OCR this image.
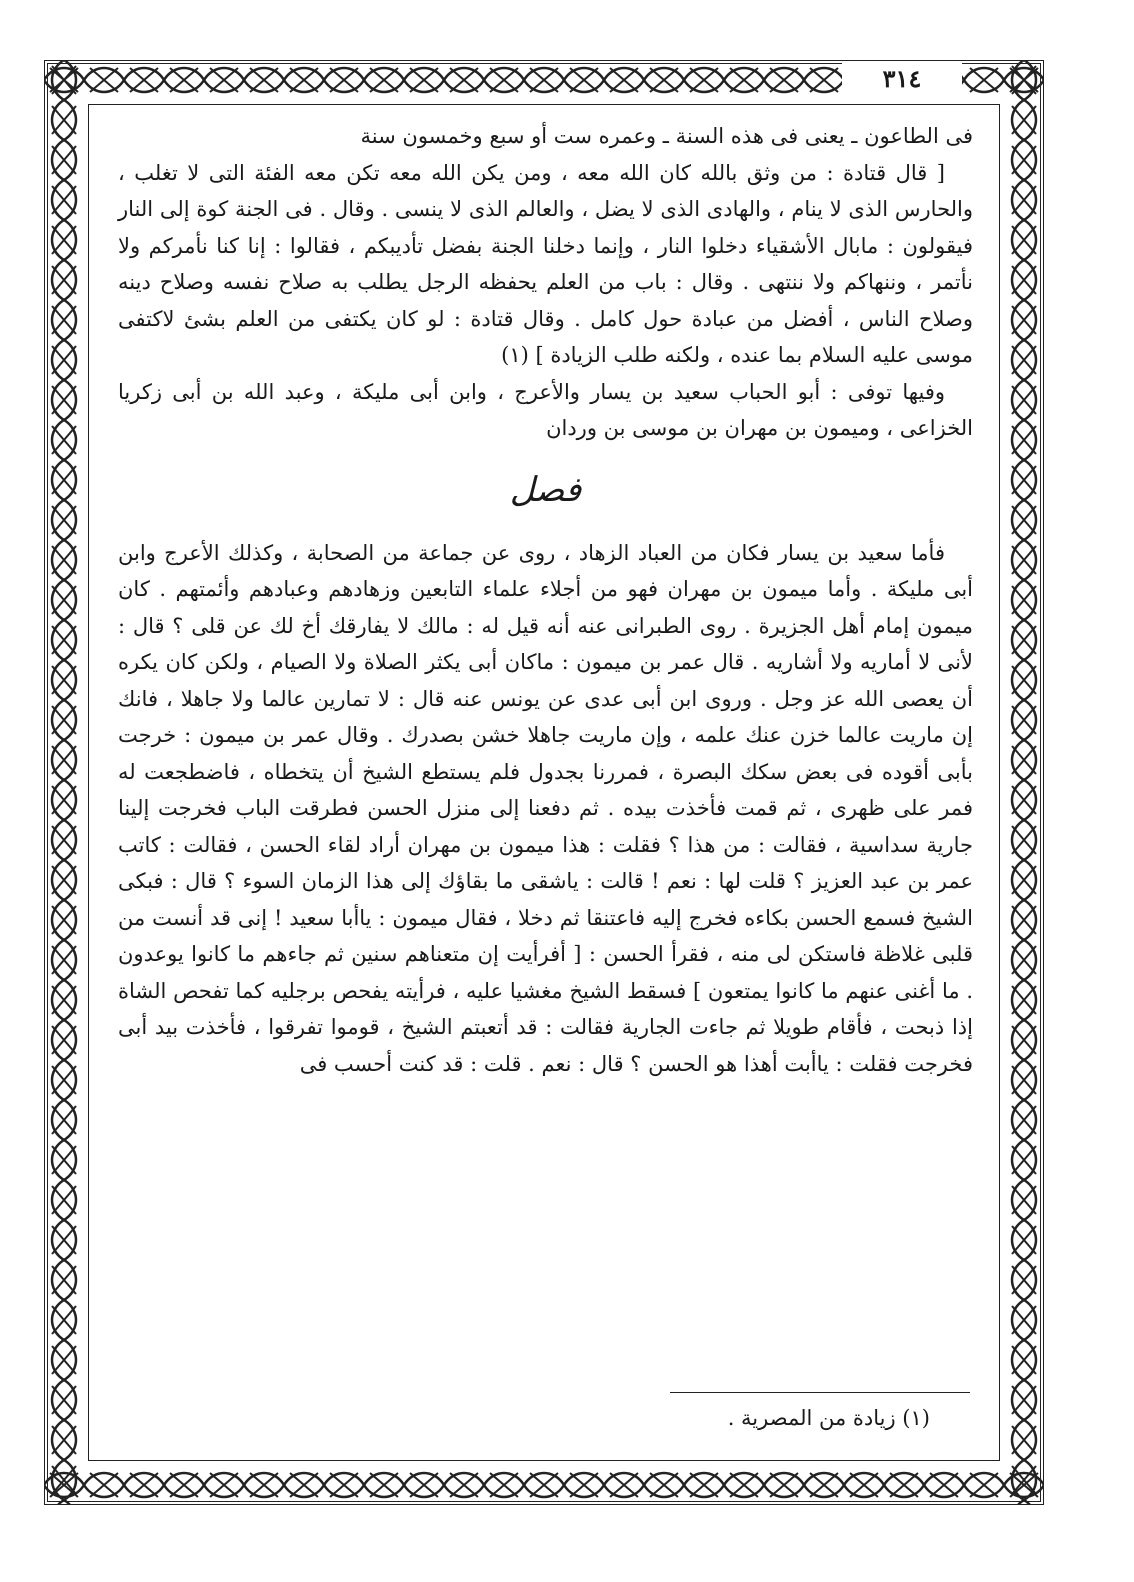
٣١٤

فى الطاعون ـ يعنى فى هذه السنة ـ وعمره ست أو سبع وخمسون سنة

[ قال قتادة : من وثق بالله كان الله معه ، ومن يكن الله معه تكن معه الفئة التى لا تغلب ، والحارس الذى لا ينام ، والهادى الذى لا يضل ، والعالم الذى لا ينسى . وقال . فى الجنة كوة إلى النار فيقولون : مابال الأشقياء دخلوا النار ، وإنما دخلنا الجنة بفضل تأديبكم ، فقالوا : إنا كنا نأمركم ولا نأتمر ، وننهاكم ولا ننتهى . وقال : باب من العلم يحفظه الرجل يطلب به صلاح نفسه وصلاح دينه وصلاح الناس ، أفضل من عبادة حول كامل . وقال قتادة : لو كان يكتفى من العلم بشئ لاكتفى موسى عليه السلام بما عنده ، ولكنه طلب الزيادة ] (١)

وفيها توفى : أبو الحباب سعيد بن يسار والأعرج ، وابن أبى مليكة ، وعبد الله بن أبى زكريا الخزاعى ، وميمون بن مهران بن موسى بن وردان

فصل

فأما سعيد بن يسار فكان من العباد الزهاد ، روى عن جماعة من الصحابة ، وكذلك الأعرج وابن أبى مليكة . وأما ميمون بن مهران فهو من أجلاء علماء التابعين وزهادهم وعبادهم وأئمتهم . كان ميمون إمام أهل الجزيرة . روى الطبرانى عنه أنه قيل له : مالك لا يفارقك أخ لك عن قلى ؟ قال : لأنى لا أماريه ولا أشاريه . قال عمر بن ميمون : ماكان أبى يكثر الصلاة ولا الصيام ، ولكن كان يكره أن يعصى الله عز وجل . وروى ابن أبى عدى عن يونس عنه قال : لا تمارين عالما ولا جاهلا ، فانك إن ماريت عالما خزن عنك علمه ، وإن ماريت جاهلا خشن بصدرك . وقال عمر بن ميمون : خرجت بأبى أقوده فى بعض سكك البصرة ، فمررنا بجدول فلم يستطع الشيخ أن يتخطاه ، فاضطجعت له فمر على ظهرى ، ثم قمت فأخذت بيده . ثم دفعنا إلى منزل الحسن فطرقت الباب فخرجت إلينا جارية سداسية ، فقالت : من هذا ؟ فقلت : هذا ميمون بن مهران أراد لقاء الحسن ، فقالت : كاتب عمر بن عبد العزيز ؟ قلت لها : نعم ! قالت : ياشقى ما بقاؤك إلى هذا الزمان السوء ؟ قال : فبكى الشيخ فسمع الحسن بكاءه فخرج إليه فاعتنقا ثم دخلا ، فقال ميمون : ياأبا سعيد ! إنى قد أنست من قلبى غلاظة فاستكن لى منه ، فقرأ الحسن : [ أفرأيت إن متعناهم سنين ثم جاءهم ما كانوا يوعدون . ما أغنى عنهم ما كانوا يمتعون ] فسقط الشيخ مغشيا عليه ، فرأيته يفحص برجليه كما تفحص الشاة إذا ذبحت ، فأقام طويلا ثم جاءت الجارية فقالت : قد أتعبتم الشيخ ، قوموا تفرقوا ، فأخذت بيد أبى فخرجت فقلت : ياأبت أهذا هو الحسن ؟ قال : نعم . قلت : قد كنت أحسب فى

(١) زيادة من المصرية .
